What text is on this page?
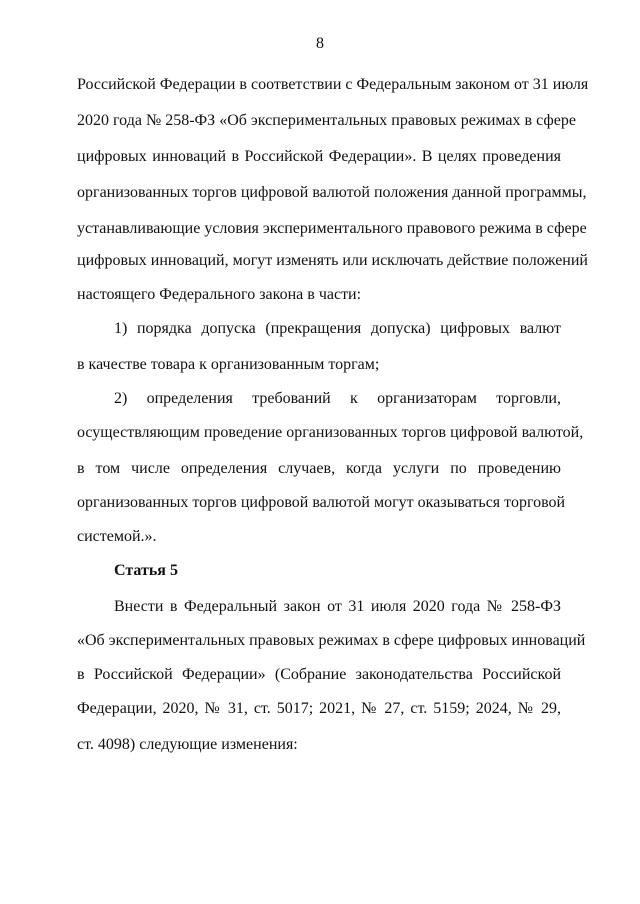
8
Российской Федерации в соответствии с Федеральным законом от 31 июля
2020 года № 258-ФЗ «Об экспериментальных правовых режимах в сфере
цифровых инноваций в Российской Федерации». В целях проведения
организованных торгов цифровой валютой положения данной программы,
устанавливающие условия экспериментального правового режима в сфере
цифровых инноваций, могут изменять или исключать действие положений
настоящего Федерального закона в части:
1) порядка допуска (прекращения допуска) цифровых валют
в качестве товара к организованным торгам;
2) определения требований к организаторам торговли,
осуществляющим проведение организованных торгов цифровой валютой,
в том числе определения случаев, когда услуги по проведению
организованных торгов цифровой валютой могут оказываться торговой
системой.».
Статья 5
Внести в Федеральный закон от 31 июля 2020 года № 258-ФЗ
«Об экспериментальных правовых режимах в сфере цифровых инноваций
в Российской Федерации» (Собрание законодательства Российской
Федерации, 2020, № 31, ст. 5017; 2021, № 27, ст. 5159; 2024, № 29,
ст. 4098) следующие изменения:
